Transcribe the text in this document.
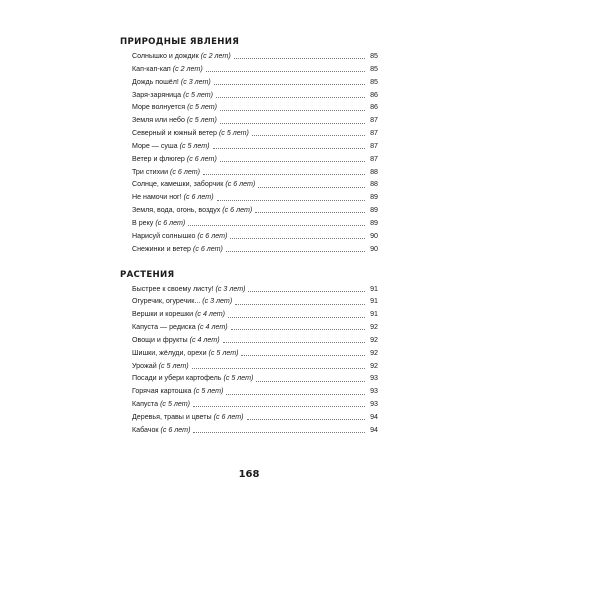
ПРИРОДНЫЕ ЯВЛЕНИЯ
Солнышко и дождик (с 2 лет)	85
Кап-кап-кап (с 2 лет)	85
Дождь пошёл! (с 3 лет)	85
Заря-заряница (с 5 лет)	86
Море волнуется (с 5 лет)	86
Земля или небо (с 5 лет)	87
Северный и южный ветер (с 5 лет)	87
Море — суша (с 5 лет)	87
Ветер и флюгер (с 6 лет)	87
Три стихии (с 6 лет)	88
Солнце, камешки, заборчик (с 6 лет)	88
Не намочи ног! (с 6 лет)	89
Земля, вода, огонь, воздух (с 6 лет)	89
В реку (с 6 лет)	89
Нарисуй солнышко (с 6 лет)	90
Снежинки и ветер (с 6 лет)	90
РАСТЕНИЯ
Быстрее к своему листу! (с 3 лет)	91
Огуречик, огуречик... (с 3 лет)	91
Вершки и корешки (с 4 лет)	91
Капуста — редиска (с 4 лет)	92
Овощи и фрукты (с 4 лет)	92
Шишки, жёлуди, орехи (с 5 лет)	92
Урожай (с 5 лет)	92
Посади и убери картофель (с 5 лет)	93
Горячая картошка (с 5 лет)	93
Капуста (с 5 лет)	93
Деревья, травы и цветы (с 6 лет)	94
Кабачок (с 6 лет)	94
168
